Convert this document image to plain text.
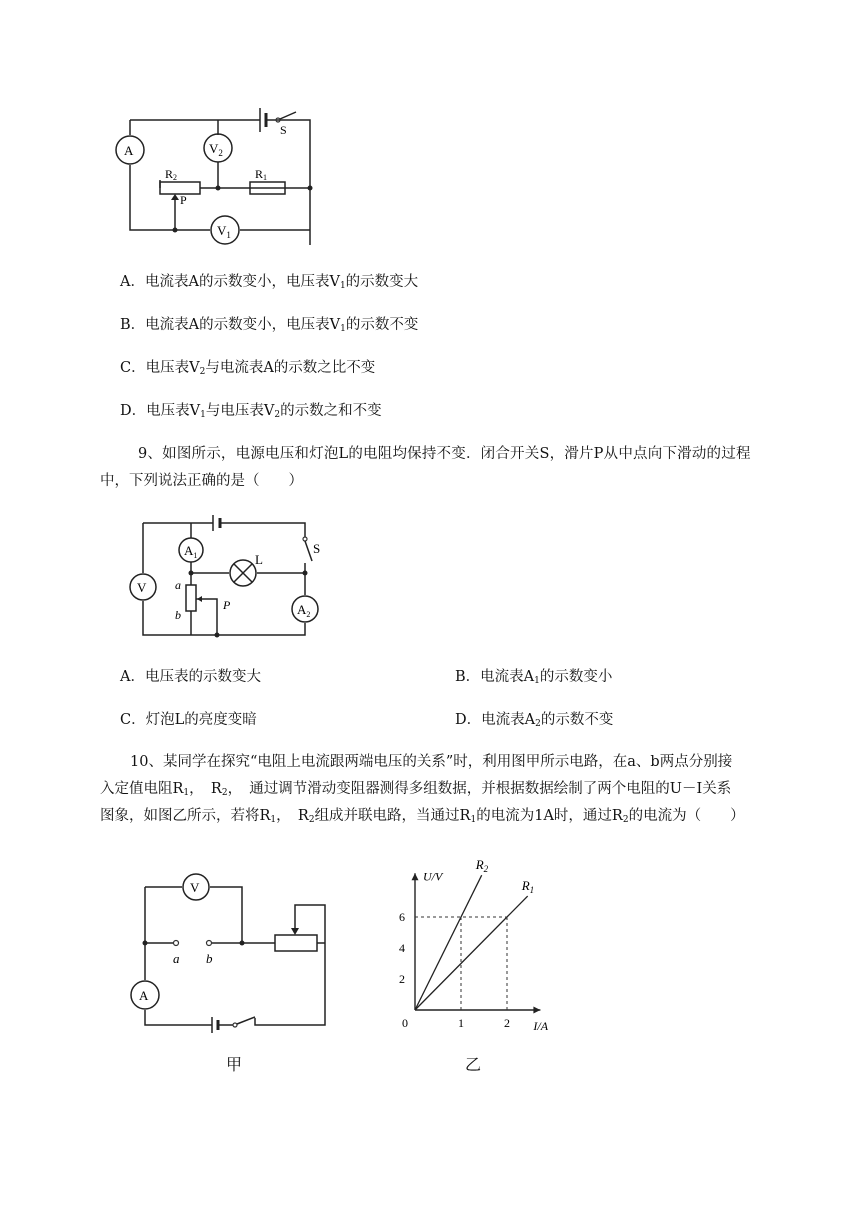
S
A	$V_2$
R2
P
R1
$V_1$
A．电流表A的示数变小，电压表$V_1$的示数变大
B．电流表A的示数变小，电压表$V_1$的示数不变
C．电压表$V_2$与电流表A的示数之比不变
D．电压表$V_1$与电压表$V_2$的示数之和不变
9、如图所示，电源电压和灯泡L的电阻均保持不变．闭合开关S，滑片P从中点向下滑动的过程
中，下列说法正确的是（　　）
S
V
$A_1$	L
a
b
P	$A_2$
A．电压表的示数变大	B．电流表$A_1$的示数变小
C．灯泡L的亮度变暗	D．电流表$A_2$的示数不变
10、某同学在探究“电阻上电流跟两端电压的关系”时，利用图甲所示电路，在a、b两点分别接
入定值电阻$R_1$，　$R_2$，　通过调节滑动变阻器测得多组数据，并根据数据绘制了两个电阻的U－I关系
图象，如图乙所示，若将$R_1$，　$R_2$组成并联电路，当通过$R_1$的电流为1A时，通过$R_2$的电流为（　　）
V
A
a b
甲
I/A
U/V
0	1	2
2
4
6
$R_2$
$R_1$
乙
